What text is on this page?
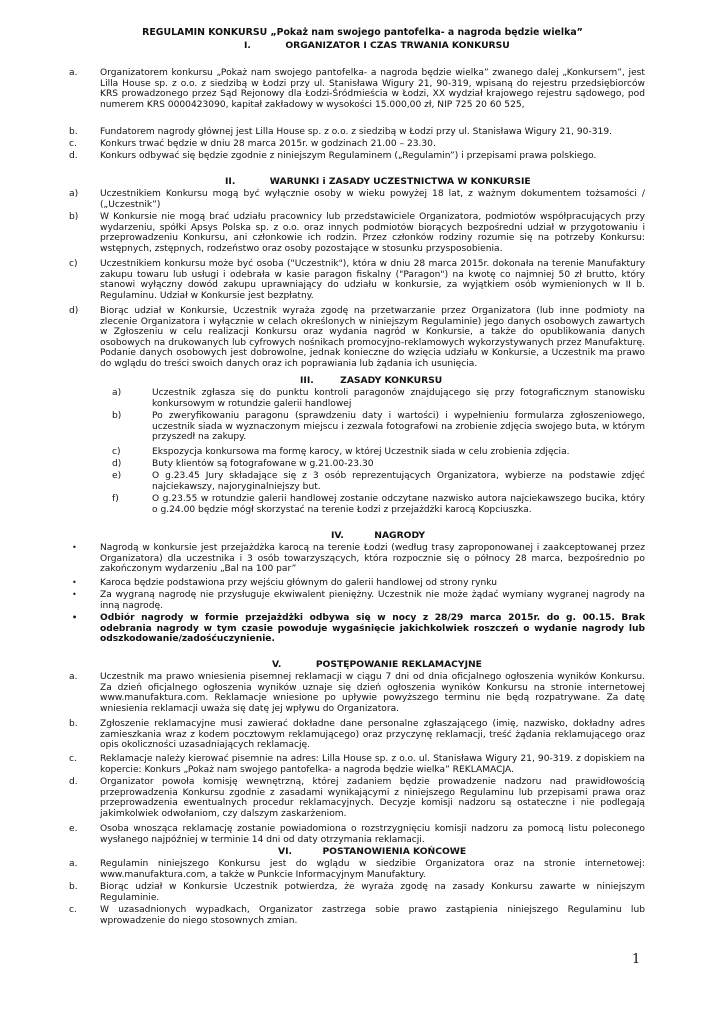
REGULAMIN KONKURSU „Pokaż nam swojego pantofelka- a nagroda będzie wielka”
I.	ORGANIZATOR I CZAS TRWANIA KONKURSU
a.	Organizatorem konkursu „Pokaż nam swojego pantofelka- a nagroda będzie wielka” zwanego dalej „Konkursem”, jest Lilla House sp. z o.o. z siedzibą w Łodzi przy ul. Stanisława Wigury 21, 90-319, wpisaną do rejestru przedsiębiorców KRS prowadzonego przez Sąd Rejonowy dla Łodzi-Śródmieścia w Łodzi, XX wydział krajowego rejestru sądowego, pod numerem KRS 0000423090, kapitał zakładowy w wysokości 15.000,00 zł, NIP 725 20 60 525,
b.	Fundatorem nagrody głównej jest Lilla House sp. z o.o. z siedzibą w Łodzi przy ul. Stanisława Wigury 21, 90-319.
c.	Konkurs trwać będzie w dniu 28 marca 2015r. w godzinach 21.00 – 23.30.
d.	Konkurs odbywać się będzie zgodnie z niniejszym Regulaminem („Regulamin”) i przepisami prawa polskiego.
II.	WARUNKI i ZASADY UCZESTNICTWA W KONKURSIE
a)	Uczestnikiem Konkursu mogą być wyłącznie osoby w wieku powyżej 18 lat, z ważnym dokumentem tożsamości / („Uczestnik”)
b) W Konkursie nie mogą brać udziału pracownicy lub przedstawiciele Organizatora, podmiotów współpracujących przy wydarzeniu, spółki Apsys Polska sp. z o.o. oraz innych podmiotów biorących bezpośredni udział w przygotowaniu i przeprowadzeniu Konkursu, ani członkowie ich rodzin. Przez członków rodziny rozumie się na potrzeby Konkursu: wstępnych, zstępnych, rodzeństwo oraz osoby pozostające w stosunku przysposobienia.
c)	Uczestnikiem konkursu może być osoba ("Uczestnik"), która w dniu 28 marca 2015r. dokonała na terenie Manufaktury zakupu towaru lub usługi i odebrała w kasie paragon fiskalny ("Paragon") na kwotę co najmniej 50 zł brutto, który stanowi wyłączny dowód zakupu uprawniający do udziału w konkursie, za wyjątkiem osób wymienionych w II b. Regulaminu. Udział w Konkursie jest bezpłatny.
d) Biorąc udział w Konkursie, Uczestnik wyraża zgodę na przetwarzanie przez Organizatora (lub inne podmioty na zlecenie Organizatora i wyłącznie w celach określonych w niniejszym Regulaminie) jego danych osobowych zawartych w Zgłoszeniu w celu realizacji Konkursu oraz wydania nagród w Konkursie, a także do opublikowania danych osobowych na drukowanych lub cyfrowych nośnikach promocyjno-reklamowych wykorzystywanych przez Manufakturę. Podanie danych osobowych jest dobrowolne, jednak konieczne do wzięcia udziału w Konkursie, a Uczestnik ma prawo do wglądu do treści swoich danych oraz ich poprawiania lub żądania ich usunięcia.
III.	ZASADY KONKURSU
a)	Uczestnik zgłasza się do punktu kontroli paragonów znajdującego się przy fotograficznym stanowisku konkursowym w rotundzie galerii handlowej
b)	Po zweryfikowaniu paragonu (sprawdzeniu daty i wartości) i wypełnieniu formularza zgłoszeniowego, uczestnik siada w wyznaczonym miejscu i zezwala fotografowi na zrobienie zdjęcia swojego buta, w którym przyszedł na zakupy.
c)	Ekspozycja konkursowa ma formę karocy, w której Uczestnik siada w celu zrobienia zdjęcia.
d)	Buty klientów są fotografowane w g.21.00-23.30
e)	O g.23.45 Jury składające się z 3 osób reprezentujących Organizatora, wybierze na podstawie zdjęć najciekawszy, najoryginalniejszy but.
f)	O g.23.55 w rotundzie galerii handlowej zostanie odczytane nazwisko autora najciekawszego bucika, który o g.24.00 będzie mógł skorzystać na terenie Łodzi z przejażdżki karocą Kopciuszka.
IV.	NAGRODY
•	Nagrodą w konkursie jest przejażdżka karocą na terenie Łodzi (według trasy zaproponowanej i zaakceptowanej przez Organizatora) dla uczestnika i 3 osób towarzyszących, która rozpocznie się o północy 28 marca, bezpośrednio po zakończonym wydarzeniu „Bal na 100 par”
•	Karoca będzie podstawiona przy wejściu głównym do galerii handlowej od strony rynku
•	Za wygraną nagrodę nie przysługuje ekwiwalent pieniężny. Uczestnik nie może żądać wymiany wygranej nagrody na inną nagrodę.
•	Odbiór nagrody w formie przejażdżki odbywa się w nocy z 28/29 marca 2015r. do g. 00.15. Brak odebrania nagrody w tym czasie powoduje wygaśnięcie jakichkolwiek roszczeń o wydanie nagrody lub odszkodowanie/zadośćuczynienie.
V.	POSTĘPOWANIE REKLAMACYJNE
a.	Uczestnik ma prawo wniesienia pisemnej reklamacji w ciągu 7 dni od dnia oficjalnego ogłoszenia wyników Konkursu. Za dzień oficjalnego ogłoszenia wyników uznaje się dzień ogłoszenia wyników Konkursu na stronie internetowej www.manufaktura.com. Reklamacje wniesione po upływie powyższego terminu nie będą rozpatrywane. Za datę wniesienia reklamacji uważa się datę jej wpływu do Organizatora.
b.	Zgłoszenie reklamacyjne musi zawierać dokładne dane personalne zgłaszającego (imię, nazwisko, dokładny adres zamieszkania wraz z kodem pocztowym reklamującego) oraz przyczynę reklamacji, treść żądania reklamującego oraz opis okoliczności uzasadniających reklamację.
c.	Reklamacje należy kierować pisemnie na adres: Lilla House sp. z o.o. ul. Stanisława Wigury 21, 90-319. z dopiskiem na kopercie: Konkurs „Pokaż nam swojego pantofelka- a nagroda będzie wielka” REKLAMACJA.
d.	Organizator powoła komisję wewnętrzną, której zadaniem będzie prowadzenie nadzoru nad prawidłowością przeprowadzenia Konkursu zgodnie z zasadami wynikającymi z niniejszego Regulaminu lub przepisami prawa oraz przeprowadzenia ewentualnych procedur reklamacyjnych. Decyzje komisji nadzoru są ostateczne i nie podlegają jakimkolwiek odwołaniom, czy dalszym zaskarżeniom.
e.	Osoba wnosząca reklamację zostanie powiadomiona o rozstrzygnięciu komisji nadzoru za pomocą listu poleconego wysłanego najpóźniej w terminie 14 dni od daty otrzymania reklamacji.
VI.	POSTANOWIENIA KOŃCOWE
a.	Regulamin niniejszego Konkursu jest do wglądu w siedzibie Organizatora oraz na stronie internetowej: www.manufaktura.com, a także w Punkcie Informacyjnym Manufaktury.
b.	Biorąc udział w Konkursie Uczestnik potwierdza, że wyraża zgodę na zasady Konkursu zawarte w niniejszym Regulaminie.
c.	W uzasadnionych wypadkach, Organizator zastrzega sobie prawo zastąpienia niniejszego Regulaminu lub wprowadzenie do niego stosownych zmian.
1
